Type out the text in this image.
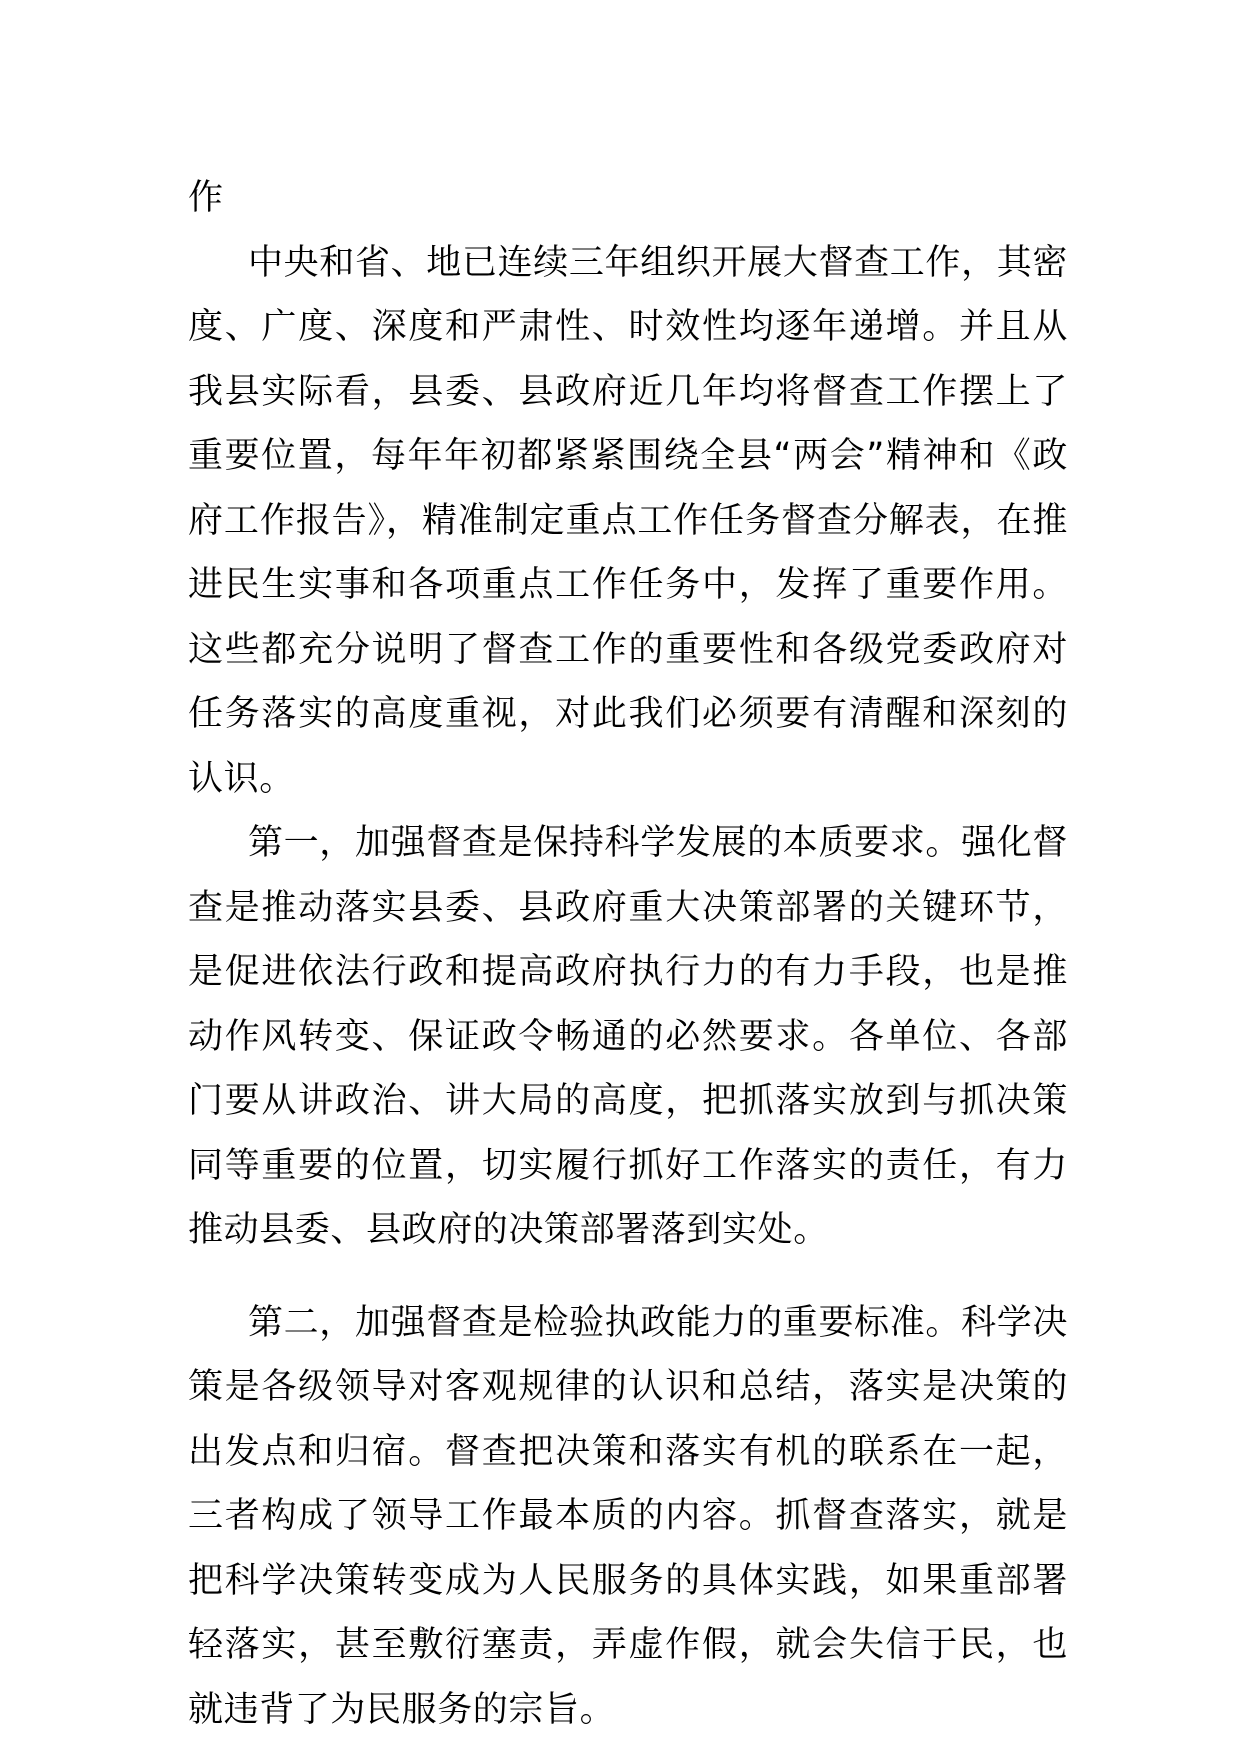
作

中央和省、地已连续三年组织开展大督查工作，其密度、广度、深度和严肃性、时效性均逐年递增。并且从我县实际看，县委、县政府近几年均将督查工作摆上了重要位置，每年年初都紧紧围绕全县“两会”精神和《政府工作报告》，精准制定重点工作任务督查分解表，在推进民生实事和各项重点工作任务中，发挥了重要作用。这些都充分说明了督查工作的重要性和各级党委政府对任务落实的高度重视，对此我们必须要有清醒和深刻的认识。

第一，加强督查是保持科学发展的本质要求。强化督查是推动落实县委、县政府重大决策部署的关键环节，是促进依法行政和提高政府执行力的有力手段，也是推动作风转变、保证政令畅通的必然要求。各单位、各部门要从讲政治、讲大局的高度，把抓落实放到与抓决策同等重要的位置，切实履行抓好工作落实的责任，有力推动县委、县政府的决策部署落到实处。

第二，加强督查是检验执政能力的重要标准。科学决策是各级领导对客观规律的认识和总结，落实是决策的出发点和归宿。督查把决策和落实有机的联系在一起，三者构成了领导工作最本质的内容。抓督查落实，就是把科学决策转变成为人民服务的具体实践，如果重部署轻落实，甚至敷衍塞责，弄虚作假，就会失信于民，也就违背了为民服务的宗旨。
